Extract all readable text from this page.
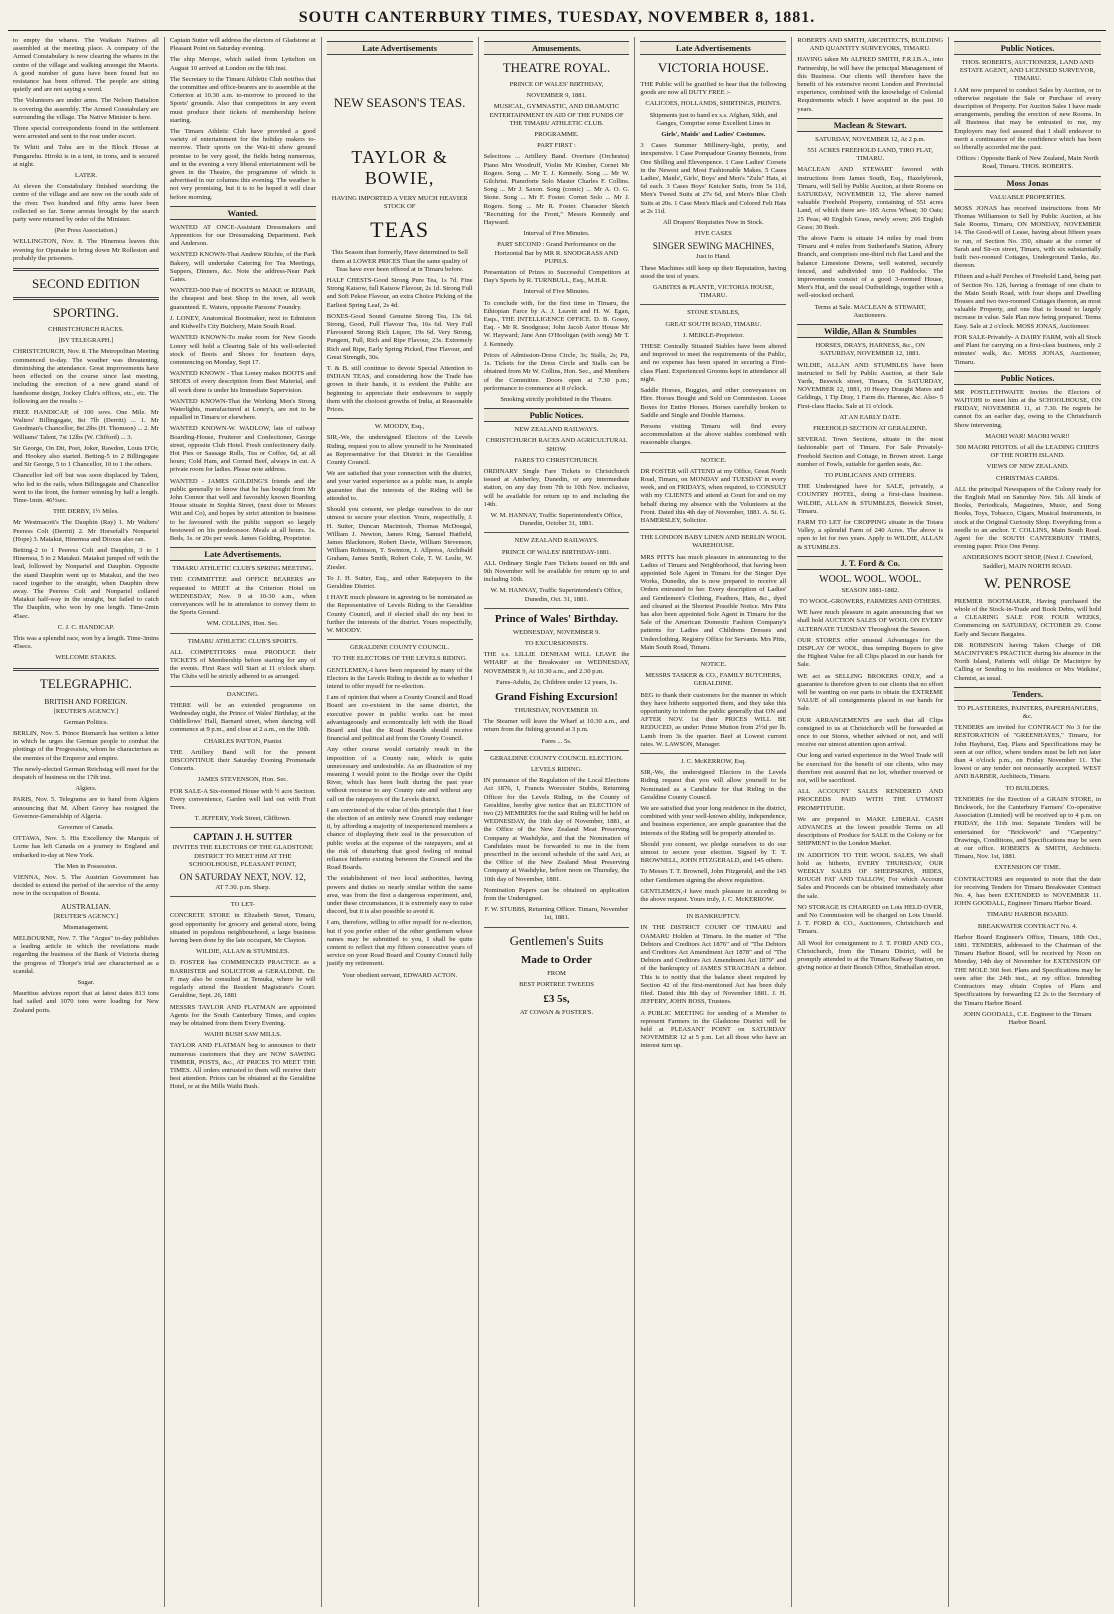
SOUTH CANTERBURY TIMES, TUESDAY, NOVEMBER 8, 1881.

to empty the whares. The Waikato Natives all assembled at the meeting place. A company of the Armed Constabulary is now clearing the whares in the centre of the village and walking amongst the Maoris. A good number of guns have been found but no resistance has been offered. The people are sitting quietly and are not saying a word.

The Volunteers are under arms. The Nelson Battalion is covering the assembly. The Armed Constabulary are surrounding the village. The Native Minister is here.

Three special correspondents found in the settlement were arrested and sent to the rear under escort.

Te Whiti and Tohu are in the Block House at Pungarehu. Hiroki is in a tent, in irons, and is secured at night.

LATER.

At eleven the Constabulary finished searching the centre of the village and are now on the south side of the river. Two hundred and fifty arms have been collected so far. Some arrests brought by the search party were returned by order of the Minister.

(Per Press Association.)

WELLINGTON, Nov. 8. The Hinemoa leaves this evening for Opunake to bring down Mr Rolleston and probably the prisoners.

SECOND EDITION
SPORTING.

CHRISTCHURCH RACES.

[BY TELEGRAPH.]

CHRISTCHURCH, Nov. 8. The Metropolitan Meeting commenced to-day. The weather was threatening, diminishing the attendance. Great improvements have been effected on the course since last meeting, including the erection of a new grand stand of handsome design, Jockey Club's offices, etc., etc. The following are the results :-

FREE HANDICAP, of 100 sovs. One Mile. Mr Walters' Billingsgate, 8st 7lb (Derritt) ... 1. Mr Goodman's Chancellor, 8st 2lbs (H. Thomson) ... 2. Mr Williams' Talent, 7st 12lbs (W. Clifford) ... 3.

Sir George, On Dit, Poet, Joker, Rawdon, Louis D'Or, and Hookey also started. Betting-5 to 2 Billingsgate and Sir George, 5 to 1 Chancellor, 10 to 1 the others.

Chancellor led off but was soon displaced by Talent, who led to the rails, when Billingsgate and Chancellor went to the front, the former winning by half a length. Time-1min. 46½sec.

THE DERBY, 1½ Miles.

Mr Westmacott's The Dauphin (Ray) 1. Mr Walters' Peeress Colt (Derritt) 2. Mr Horsefall's Nonpariel (Hope) 3. Matakui, Hinemoa and Dioxus also ran.

Betting-2 to 1 Peeress Colt and Dauphin, 3 to 1 Hinemoa, 5 to 2 Matakui. Matakui jumped off with the lead, followed by Nonpariel and Dauphin. Opposite the stand Dauphin went up to Matakui, and the two raced together to the straight, when Dauphin drew away. The Peeress Colt and Nonpariel collared Matakui half-way in the straight, but failed to catch The Dauphin, who won by one length. Time-2min 45sec.

C. J. C. HANDICAP.

This was a splendid race, won by a length. Time-3mins 45secs.

WELCOME STAKES.

TELEGRAPHIC.
BRITISH AND FOREIGN.

[REUTER'S AGENCY.]

German Politics.

BERLIN, Nov. 5. Prince Bismarck has written a letter in which he urges the German people to combat the plottings of the Progressists, whom he characterises as the enemies of the Emperor and empire.

The newly-elected German Reichstag will meet for the despatch of business on the 17th inst.

Algiers.

PARIS, Nov. 5. Telegrams are to hand from Algiers announcing that M. Albert Grevy has resigned the Governor-Generalship of Algeria.

Governor of Canada.

OTTAWA, Nov. 5. His Excellency the Marquis of Lorne has left Canada on a journey to England and embarked to-day at New York.

The Men in Possession.

VIENNA, Nov. 5. The Austrian Government has decided to extend the period of the service of the army now in the occupation of Bosnia.

AUSTRALIAN.

[REUTER'S AGENCY.]

Mismanagement.

MELBOURNE, Nov. 7. The "Argus" to-day publishes a leading article in which the revelations made regarding the business of the Bank of Victoria during the progress of Thorpe's trial are characterised as a scandal.

Sugar.

Mauritius advices report that at latest dates 813 tons had sailed and 1070 tons were loading for New Zealand ports.

Captain Sutter will address the electors of Gladstone at Pleasant Point on Saturday evening.

The ship Merope, which sailed from Lyttelton on August 10 arrived at London on the 6th inst.

The Secretary to the Timaru Athletic Club notifies that the committee and office-bearers are to assemble at the Criterion at 10.30 a.m. to-morrow to proceed to the Sports' grounds. Also that competitors in any event must produce their tickets of membership before starting.

The Timaru Athletic Club have provided a good variety of entertainment for the holiday makers to-morrow. Their sports on the Wai-iti show ground promise to be very good, the fields being numerous, and in the evening a very liberal entertainment will be given in the Theatre, the programme of which is advertised in our columns this evening. The weather is not very promising, but it is to be hoped it will clear before morning.

Wanted.

WANTED AT ONCE-Assistant Dressmakers and Apprentices for our Dressmaking Department. Park and Anderson.

WANTED KNOWN-That Andrew Ritchie, of the Park Bakery, will undertake Catering for Tea Meetings, Suppers, Dinners, &c. Note the address-Near Park Gates.

WANTED-500 Pair of BOOTS to MAKE or REPAIR, the cheapest and best Shop in the town, all work guaranteed. E. Waters, opposite Parsons' Foundry.

J. LONEY, Anatomical Bootmaker, next to Edmiston and Kidwell's City Butchery, Main South Road.

WANTED KNOWN-To make room for New Goods Loney will hold a Clearing Sale of his well-selected stock of Boots and Shoes for fourteen days, commencing on Monday, Sept 17.

WANTED KNOWN - That Loney makes BOOTS and SHOES of every description from Best Material, and all work done is under his Immediate Supervision.

WANTED KNOWN-That the Working Men's Strong Waterlights, manufactured at Loney's, are not to be equalled in Timaru or elsewhere.

WANTED KNOWN-W. WADLOW, late of railway Boarding-House, Fruiterer and Confectioner, George street, opposite Club Hotel. Fresh confectionery daily. Hot Pies or Sausage Rolls, Tea or Coffee, 6d, at all hours; Cold Ham, and Corned Beef, always in cut. A private room for ladies. Please note address.

WANTED - JAMES GOLDING'S friends and the public generally to know that he has bought from Mr John Connor that well and favorably known Boarding House situate in Sophia Street, (next door to Messrs Witt and Co), and hopes by strict attention to business to be favoured with the public support so largely bestowed on his predecessor. Meals at all hours. 1s. Beds, 1s. or 20s per week. James Golding, Proprietor.

Late Advertisements.

TIMARU ATHLETIC CLUB'S SPRING MEETING.

THE COMMITTEE and OFFICE BEARERS are requested to MEET at the Criterion Hotel on WEDNESDAY, Nov. 9 at 10-30 a.m., when conveyances will be in attendance to convey them to the Sports Ground.

WM. COLLINS, Hon. Sec.

TIMARU ATHLETIC CLUB'S SPORTS.

ALL COMPETITORS must PRODUCE their TICKETS of Membership before starting for any of the events. First Race will Start at 11 o'clock sharp. The Clubs will be strictly adhered to as arranged.

DANCING.

THERE will be an extended programme on Wednesday night, the Prince of Wales' Birthday, at the Oddfellows' Hall, Barnard street, when dancing will commence at 9 p.m., and close at 2 a.m., on the 10th.

CHARLES PATTON, Pianist

THE Artillery Band will for the present DISCONTINUE their Saturday Evening Promenade Concerts.

JAMES STEVENSON, Hon. Sec.

FOR SALE-A Six-roomed House with ½ acre Section. Every convenience, Garden well laid out with Fruit Trees.

T. JEFFERY, York Street, Clifftown.

CAPTAIN J. H. SUTTER

INVITES THE ELECTORS OF THE GLADSTONE DISTRICT TO MEET HIM AT THE SCHOOLHOUSE, PLEASANT POINT,

ON SATURDAY NEXT, NOV. 12,

AT 7.30. p.m. Sharp.

TO LET-

CONCRETE STORE in Elizabeth Street, Timaru, good opportunity for grocery and general store, being situated in populous neighbourhood, a large business having been done by the late occupant, Mr Clayton.

WILDIE, ALLAN & STUMBLES.

D. FOSTER has COMMENCED PRACTICE as a BARRISTER and SOLICITOR at GERALDINE. Dr. F. may also be consulted at Temuka, where he will regularly attend the Resident Magistrate's Court. Geraldine, Sept. 26, 1881

MESSRS TAYLOR AND FLATMAN are appointed Agents for the South Canterbury Times, and copies may be obtained from them Every Evening.

WAIHI BUSH SAW MILLS.

TAYLOR AND FLATMAN beg to announce to their numerous customers that they are NOW SAWING TIMBER, POSTS, &c., AT PRICES TO MEET THE TIMES. All orders entrusted to them will receive their best attention. Prices can be obtained at the Geraldine Hotel, or at the Mills Waihi Bush.

Late Advertisements
NEW SEASON'S TEAS.
TAYLOR & BOWIE,

HAVING IMPORTED A VERY MUCH HEAVIER STOCK OF

TEAS

This Season than formerly, Have determined to Sell them at LOWER PRICES Than the same quality of Teas have ever been offered at in Timaru before.

HALF CHESTS-Good Strong Pure Tea, 1s 7d. Fine Strong Kaisow, full Kaisow Flavour, 2s 1d. Strong Full and Soft Pekoe Flavour, an extra Choice Picking of the Earliest Spring Leaf, 2s 4d.

BOXES-Good Sound Genuine Strong Tea, 13s 6d. Strong, Good, Full Flavour Tea, 16s 6d. Very Full Flavoured Strong Rich Liquor, 19s 6d. Very Strong, Pungent, Full, Rich and Ripe Flavour, 23s. Extremely Rich and Ripe, Early Spring Picked, Fine Flavour, and Great Strength, 30s.

T. & B. still continue to devote Special Attention to INDIAN TEAS, and considering how the Trade has grown in their hands, it is evident the Public are beginning to appreciate their endeavours to supply them with the choicest growths of India, at Reasonable Prices.

W. MOODY, Esq.,

SIR,-We, the undersigned Electors of the Levels Riding, request you to allow yourself to be Nominated as Representative for that District in the Geraldine County Council.

We are satisfied that your connection with the district, and your varied experience as a public man, is ample guarantee that the interests of the Riding will be attended to.

Should you consent, we pledge ourselves to do our utmost to secure your election. Yours, respectfully, J. H. Sutter, Duncan Macintosh, Thomas McDougal, William J. Newton, James King, Samuel Hatfield, James Blackmore, Robert Davie, William Stevenson, William Robinson, T. Swinton, J. Allpress, Archibald Graham, James Smith, Robert Cole, T. W. Leslie, W. Ziesler.

To J. H. Sutter, Esq., and other Ratepayers in the Geraldine District.

I HAVE much pleasure in agreeing to be nominated as the Representative of Levels Riding to the Geraldine County Council, and if elected shall do my best to further the interests of the district. Yours respectfully, W. MOODY.

GERALDINE COUNTY COUNCIL.

TO THE ELECTORS OF THE LEVELS RIDING.

GENTLEMEN,-I have been requested by many of the Electors in the Levels Riding to decide as to whether I intend to offer myself for re-election.

I am of opinion that where a County Council and Road Board are co-existent in the same district, the executive power in public works can be most advantageously and economically left with the Road Board and that the Road Boards should receive financial and political aid from the County Council.

Any other course would certainly result in the imposition of a County rate, which is quite unnecessary and undesirable. As an illustration of my meaning I would point to the Bridge over the Opihi River, which has been built during the past year without recourse to any County rate and without any call on the ratepayers of the Levels district.

I am convinced of the value of this principle that I fear the election of an entirely new Council may endanger it, by affording a majority of inexperienced members a chance of displaying their zeal in the prosecution of public works at the expense of the ratepayers, and at the risk of disturbing that good feeling of mutual reliance hitherto existing between the Council and the Road Boards.

The establishment of two local authorities, having powers and duties so nearly similar within the same area, was from the first a dangerous experiment, and, under these circumstances, it is extremely easy to raise discord, but it is also possible to avoid it.

I am, therefore, willing to offer myself for re-election, but if you prefer either of the other gentlemen whose names may be submitted to you, I shall be quite content to reflect that my fifteen consecutive years of service on your Road Board and County Council fully justify my retirement.

Your obedient servant, EDWARD ACTON.

Amusements.
THEATRE ROYAL.

PRINCE OF WALES' BIRTHDAY,

NOVEMBER 9, 1881.

MUSICAL, GYMNASTIC, AND DRAMATIC ENTERTAINMENT IN AID OF THE FUNDS OF THE TIMARU ATHLETIC CLUB.

PROGRAMME.

PART FIRST :

Selections ... Artillery Band. Overture (Orchestra) Piano Mrs Woodruff, Violin Mr Kimber, Cornet Mr Rogers. Song ... Mr T. J. Kennedy. Song ... Mr W. Gilchrist. Pianoforte Solo Master Charles F. Collins. Song ... Mr J. Saxon. Song (comic) ... Mr A. O. G. Stone. Song ... Mr F. Foster. Cornet Solo ... Mr J. Rogers. Song ... Mr R. Foster. Character Sketch "Recruiting for the Front," Messrs Kennedy and Hayward.

Interval of Five Minutes.

PART SECOND : Grand Performance on the Horizontal Bar by MR R. SNODGRASS AND PUPILS.

Presentation of Prizes to Successful Competitors at Day's Sports by R. TURNBULL, Esq., M.H.R.

Interval of Five Minutes.

To conclude with, for the first time in Timaru, the Ethiopian Farce by A. J. Leavitt and H. W. Egan, Esqs., THE INTELLIGENCE OFFICE. D. B. Gossy, Esq. - Mr R. Snodgrass; John Jacob Astor House Mr W. Hayward; Jane Ann O'Hooligan (with song) Mr T. J. Kennedy.

Prices of Admission-Dress Circle, 3s; Stalls, 2s; Pit, 1s. Tickets for the Dress Circle and Stalls can be obtained from Mr W. Collins, Hon. Sec., and Members of the Committee. Doors open at 7.30 p.m.; performance to commence at 8 o'clock.

Smoking strictly prohibited in the Theatre.

Public Notices.

NEW ZEALAND RAILWAYS.

CHRISTCHURCH RACES AND AGRICULTURAL SHOW.

FARES TO CHRISTCHURCH.

ORDINARY Single Fare Tickets to Christchurch issued at Amberley, Dunedin, or any intermediate station, on any day from 7th to 10th Nov. inclusive, will be available for return up to and including the 14th.

W. M. HANNAY, Traffic Superintendent's Office, Dunedin, October 31, 1881.

NEW ZEALAND RAILWAYS.

PRINCE OF WALES' BIRTHDAY-1881.

ALL Ordinary Single Fare Tickets issued on 8th and 9th November will be available for return up to and including 10th.

W. M. HANNAY, Traffic Superintendent's Office, Dunedin, Oct. 31, 1881.

Prince of Wales' Birthday.

WEDNESDAY, NOVEMBER 9.

TO EXCURSIONISTS.

THE s.s. LILLIE DENHAM WILL LEAVE the WHARF at the Breakwater on WEDNESDAY, NOVEMBER 9, At 10.30 a.m., and 2.30 p.m.

Fares-Adults, 2s; Children under 12 years, 1s.

Grand Fishing Excursion!

THURSDAY, NOVEMBER 10.

The Steamer will leave the Wharf at 10.30 a.m., and return from the fishing ground at 3 p.m.

Fares ... 5s.

GERALDINE COUNTY COUNCIL ELECTION.

LEVELS RIDING.

IN pursuance of the Regulation of the Local Elections Act 1876, I, Francis Worcester Stubbs, Returning Officer for the Levels Riding, in the County of Geraldine, hereby give notice that an ELECTION of two (2) MEMBERS for the said Riding will be held on WEDNESDAY, the 16th day of November, 1881, at the Office of the New Zealand Meat Preserving Company at Washdyke, and that the Nomination of Candidates must be forwarded to me in the form prescribed in the second schedule of the said Act, at the Office of the New Zealand Meat Preserving Company at Washdyke, before noon on Thursday, the 10th day of November, 1881.

Nomination Papers can be obtained on application from the Undersigned.

F. W. STUBBS, Returning Officer. Timaru, November 1st, 1881.

Gentlemen's Suits
Made to Order

FROM

BEST PORTREE TWEEDS

£3 5s,

AT COWAN & FOSTER'S.

Late Advertisements
VICTORIA HOUSE.

THE Public will be gratified to hear that the following goods are now all DUTY FREE :-

CALICOES, HOLLANDS, SHIRTINGS, PRINTS.

Shipments just to hand ex s.s. Afghan, Sikh, and Ganges, Comprise some Excellent Lines in

Girls', Maids' and Ladies' Costumes.

3 Cases Summer Millinery-light, pretty, and inexpensive. 1 Case Pompadour Granny Bonnets, from One Shilling and Elevenpence. 1 Case Ladies' Corsets in the Newest and Most Fashionable Makes. 5 Cases Ladies', Maids', Girls', Boys' and Men's "Zulu" Hats, at 6d each. 3 Cases Boys' Knicker Suits, from 5s 11d, Men's Tweed Suits at 27s 6d, and Men's Blue Cloth Suits at 20s. 1 Case Men's Black and Colored Felt Hats at 2s 11d.

All Drapers' Requisites Now in Stock.

FIVE CASES

SINGER SEWING MACHINES,

Just to Hand.

These Machines still keep up their Reputation, having stood the test of years.

GABITES & PLANTE, VICTORIA HOUSE, TIMARU.

STONE STABLES,

GREAT SOUTH ROAD, TIMARU.

J. MEIKLE-Proprietor.

THESE Centrally Situated Stables have been altered and improved to meet the requirements of the Public, and no expense has been spared in securing a First-class Plant. Experienced Grooms kept in attendance all night.

Saddle Horses, Buggies, and other conveyances on Hire. Horses Bought and Sold on Commission. Loose Boxes for Entire Horses. Horses carefully broken to Saddle and Single and Double Harness.

Persons visiting Timaru will find every accommodation at the above stables combined with reasonable charges.

NOTICE.

DR FOSTER will ATTEND at my Office, Great North Road, Timaru, on MONDAY and TUESDAY in every week, and on FRIDAYS, when required, to CONSULT with my CLIENTS and attend at Court for and on my behalf during my absence with the Volunteers at the Front. Dated this 4th day of November, 1881. A. St. G. HAMERSLEY, Solicitor.

THE LONDON BABY LINEN AND BERLIN WOOL WAREHOUSE.

MRS PITTS has much pleasure in announcing to the Ladies of Timaru and Neighborhood, that having been appointed Sole Agent in Timaru for the Singer Dye Works, Dunedin, she is now prepared to receive all Orders entrusted to her. Every description of Ladies' and Gentlemen's Clothing, Feathers, Hats, &c., dyed and cleaned at the Shortest Possible Notice. Mrs Pitts has also been appointed Sole Agent in Timaru for the Sale of the American Domestic Fashion Company's patterns for Ladies and Childrens Dresses and Underclothing. Registry Office for Servants. Mrs Pitts, Main South Road, Timaru.

NOTICE.

MESSRS TASKER & CO., FAMILY BUTCHERS, GERALDINE.

BEG to thank their customers for the manner in which they have hitherto supported them, and they take this opportunity to inform the public generally that ON and AFTER NOV. 1st their PRICES WILL BE REDUCED, as under: Prime Mutton from 2½d per lb. Lamb from 3s the quarter. Beef at Lowest current rates. W. LAWSON, Manager.

J. C. McKERROW, Esq.

SIR,-We, the undersigned Electors in the Levels Riding request that you will allow yourself to be Nominated as a Candidate for that Riding in the Geraldine County Council.

We are satisfied that your long residence in the district, combined with your well-known ability, independence, and business experience, are ample guarantee that the interests of the Riding will be properly attended to.

Should you consent, we pledge ourselves to do our utmost to secure your election. Signed by T. T. BROWNELL, JOHN FITZGERALD, and 145 others.

To Messrs T. T. Brownell, John Fitzgerald, and the 145 other Gentlemen signing the above requisition.

GENTLEMEN,-I have much pleasure in acceding to the above request. Yours truly, J. C. McKERROW.

IN BANKRUPTCY.

IN THE DISTRICT COURT OF TIMARU and OAMARU Holden at Timaru. In the matter of "The Debtors and Creditors Act 1876" and of "The Debtors and Creditors Act Amendment Act 1878" and of "The Debtors and Creditors Act Amendment Act 1879" and of the bankruptcy of JAMES STRACHAN a debtor. This is to notify that the balance sheet required by Section 42 of the first-mentioned Act has been duly filed. Dated this 8th day of November 1881. J. H. JEFFERY, JOHN BOSS, Trustees.

A PUBLIC MEETING for sending of a Member to represent Farmers in the Gladstone District will be held at PLEASANT POINT on SATURDAY NOVEMBER 12 at 5 p.m. Let all those who have an interest turn up.

ROBERTS AND SMITH, ARCHITECTS, BUILDING AND QUANTITY SURVEYORS, TIMARU.

HAVING taken Mr ALFRED SMITH, F.R.I.B.A., into Partnership, he will have the principal Management of this Business. Our clients will therefore have the benefit of his extensive recent London and Provincial experience, combined with the knowledge of Colonial Requirements which I have acquired in the past 10 years.

Maclean & Stewart.

SATURDAY, NOVEMBER 12, At 2 p.m.

551 ACRES FREEHOLD LAND, TIRO FLAT, TIMARU.

MACLEAN AND STEWART favored with instructions from James South, Esq., Hazelybrook, Timaru, will Sell by Public Auction, at their Rooms on SATURDAY, NOVEMBER 12, The above named valuable Freehold Property, containing of 551 acres Land, of which there are- 165 Acres Wheat; 30 Oats; 25 Peas; 40 English Grass, newly sown; 266 English Grass; 30 Bush.

The above Farm is situate 14 miles by road from Timaru and 4 miles from Sutherland's Station, Albury Branch, and comprises one-third rich flat Land and the balance Limestone Downs, well watered, securely fenced, and subdivided into 10 Paddocks. The improvements consist of a good 3-roomed House, Men's Hut, and the usual Outbuildings, together with a well-stocked orchard.

Terms at Sale. MACLEAN & STEWART, Auctioneers.

Wildie, Allan & Stumbles

HORSES, DRAYS, HARNESS, &c., ON SATURDAY, NOVEMBER 12, 1881.

WILDIE, ALLAN AND STUMBLES have been instructed to Sell by Public Auction, at their Sale Yards, Beswick street, Timaru, On SATURDAY, NOVEMBER 12, 1881, 10 Heavy Draught Mares and Geldings, 1 Tip Dray, 1 Farm do. Harness, &c. Also- 5 First-class Hacks. Sale at 11 o'clock.

AT AN EARLY DATE.

FREEHOLD SECTION AT GERALDINE.

SEVERAL Town Sections, situate in the most fashionable part of Timaru. For Sale Privately- Freehold Section and Cottage, in Brown street. Large number of Fowls, suitable for garden seats, &c.

TO PUBLICANS AND OTHERS.

THE Undersigned have for SALE, privately, a COUNTRY HOTEL, doing a first-class business. WILDIE, ALLAN & STUMBLES, Beswick Street, Timaru.

FARM TO LET for CROPPING situate in the Totara Valley, a splendid Farm of 240 Acres. The above is open to let for two years. Apply to WILDIE, ALLAN & STUMBLES.

J. T. Ford & Co.
WOOL. WOOL. WOOL.

SEASON 1881-1882.

TO WOOL-GROWERS, FARMERS AND OTHERS.

WE have much pleasure in again announcing that we shall hold AUCTION SALES OF WOOL ON EVERY ALTERNATE TUESDAY Throughout the Season.

OUR STORES offer unusual Advantages for the DISPLAY OF WOOL, thus tempting Buyers to give the Highest Value for all Clips placed in our hands for Sale.

WE act as SELLING BROKERS ONLY, and a guarantee is therefore given to our clients that no effort will be wanting on our parts to obtain the EXTREME VALUE of all consignments placed in our hands for Sale.

OUR ARRANGEMENTS are such that all Clips consigned to us at Christchurch will be forwarded at once to our Stores, whether advised or not, and will receive our utmost attention upon arrival.

Our long and varied experience in the Wool Trade will be exercised for the benefit of our clients, who may therefore rest assured that no lot, whether reserved or not, will be sacrificed.

ALL ACCOUNT SALES RENDERED AND PROCEEDS PAID WITH THE UTMOST PROMPTITUDE.

We are prepared to MAKE LIBERAL CASH ADVANCES at the lowest possible Terms on all descriptions of Produce for SALE in the Colony or for SHIPMENT to the London Market.

IN ADDITION TO THE WOOL SALES, We shall hold as hitherto, EVERY THURSDAY, OUR WEEKLY SALES OF SHEEPSKINS, HIDES, ROUGH FAT AND TALLOW, For which Account Sales and Proceeds can be obtained immediately after the sale.

NO STORAGE IS CHARGED on Lots HELD OVER, and No Commission will be charged on Lots Unsold. J. T. FORD & CO., Auctioneers, Christchurch and Timaru.

All Wool for consignment to J. T. FORD AND CO., Christchurch, from the Timaru District, will be promptly attended to at the Timaru Railway Station, on giving notice at their Branch Office, Strathallan street.

Public Notices.

THOS. ROBERTS, AUCTIONEER, LAND AND ESTATE AGENT, AND LICENSED SURVEYOR, TIMARU.

I AM now prepared to conduct Sales by Auction, or to otherwise negotiate the Sale or Purchase of every description of Property. For Auction Sales I have made arrangements, pending the erection of new Rooms. In all Business that may be entrusted to me, my Employers may feel assured that I shall endeavor to merit a continuance of the confidence which has been so liberally accorded me the past.

Offices : Opposite Bank of New Zealand, Main North Road, Timaru. THOS. ROBERTS.

Moss Jonas

VALUABLE PROPERTIES.

MOSS JONAS has received instructions from Mr Thomas Williamson to Sell by Public Auction, at his Sale Rooms, Timaru, ON MONDAY, NOVEMBER 14. The Good-will of Lease, having about fifteen years to run, of Section No. 350, situate at the corner of Sarah and Sir-on street, Timaru, with six substantially built two-roomed Cottages, Underground Tanks, &c. thereon.

Fifteen and a-half Perches of Freehold Land, being part of Section No. 126, having a frontage of one chain to the Main South Road, with four shops and Dwelling Houses and two two-roomed Cottages thereon, an most valuable Property, and one that is bound to largely increase in value. Sale Plan now being prepared. Terms Easy. Sale at 2 o'clock. MOSS JONAS, Auctioneer.

FOR SALE-Privately- A DAIRY FARM, with all Stock and Plant for carrying on a first-class business, only 2 minutes' walk, &c. MOSS JONAS, Auctioneer, Timaru.

Public Notices.

MR POSTLETHWAITE Invites the Electors of WAITOHI to meet him at the SCHOOLHOUSE, ON FRIDAY, NOVEMBER 11, at 7.30. He regrets he cannot fix an earlier day, owing to the Christchurch Show intervening.

MAORI WAR! MAORI WAR!!

500 MAORI PHOTOS. of all the LEADING CHIEFS OF THE NORTH ISLAND.

VIEWS OF NEW ZEALAND.

CHRISTMAS CARDS.

ALL the principal Newspapers of the Colony ready for the English Mail on Saturday Nov. 5th. All kinds of Books, Periodicals, Magazines, Music, and Song Books, Toys, Tobacco, Cigars, Musical Instruments, in stock at the Original Curiosity Shop. Everything from a needle to an anchor. T. COLLINS, Main South Road. Agent for the SOUTH CANTERBURY TIMES, evening paper. Price One Penny.

ANDERSON'S BOOT SHOP, (Next J. Crawford, Saddler), MAIN NORTH ROAD.

W. PENROSE

PREMIER BOOTMAKER, Having purchased the whole of the Stock-in-Trade and Book Debts, will hold a CLEARING SALE FOR FOUR WEEKS, Commencing on SATURDAY, OCTOBER 29. Come Early and Secure Bargains.

DR ROBINSON having Taken Charge of DR MACINTYRE'S PRACTICE during his absence in the North Island, Patients will oblige Dr Macintyre by Calling or Sending to his residence or Mrs Watkins', Chemist, as usual.

Tenders.

TO PLASTERERS, PAINTERS, PAPERHANGERS, &c.

TENDERS are invited for CONTRACT No 3 for the RESTORATION of "GREENHAYES," Timaru, for John Hayhurst, Esq. Plans and Specifications may be seen at our office, where tenders must be left not later than 4 o'clock p.m., on Friday November 11. The lowest or any tender not necessarily accepted. WEST AND BARBER, Architects, Timaru.

TO BUILDERS.

TENDERS for the Erection of a GRAIN STORE, in Brickwork, for the Canterbury Farmers' Co-operative Association (Limited) will be received up to 4 p.m. on FRIDAY, the 11th inst. Separate Tenders will be entertained for "Brickwork" and "Carpentry." Drawings, Conditions, and Specifications may be seen at our office. ROBERTS & SMITH, Architects. Timaru, Nov. 1st, 1881.

EXTENSION OF TIME.

CONTRACTORS are requested to note that the date for receiving Tenders for Timaru Breakwater Contract No. 4, has been EXTENDED to NOVEMBER 11. JOHN GOODALL, Engineer Timaru Harbor Board.

TIMARU HARBOR BOARD.

BREAKWATER CONTRACT No. 4.

Harbor Board Engineer's Office, Timaru, 18th Oct., 1881. TENDERS, addressed to the Chairman of the Timaru Harbor Board, will be received by Noon on Monday, 14th day of November for EXTENSION OF THE MOLE 360 feet. Plans and Specifications may be seen after the 24th inst., at my office. Intending Contractors may obtain Copies of Plans and Specifications by forwarding £2 2s to the Secretary of the Timaru Harbor Board.

JOHN GOODALL, C.E. Engineer to the Timaru Harbor Board.
